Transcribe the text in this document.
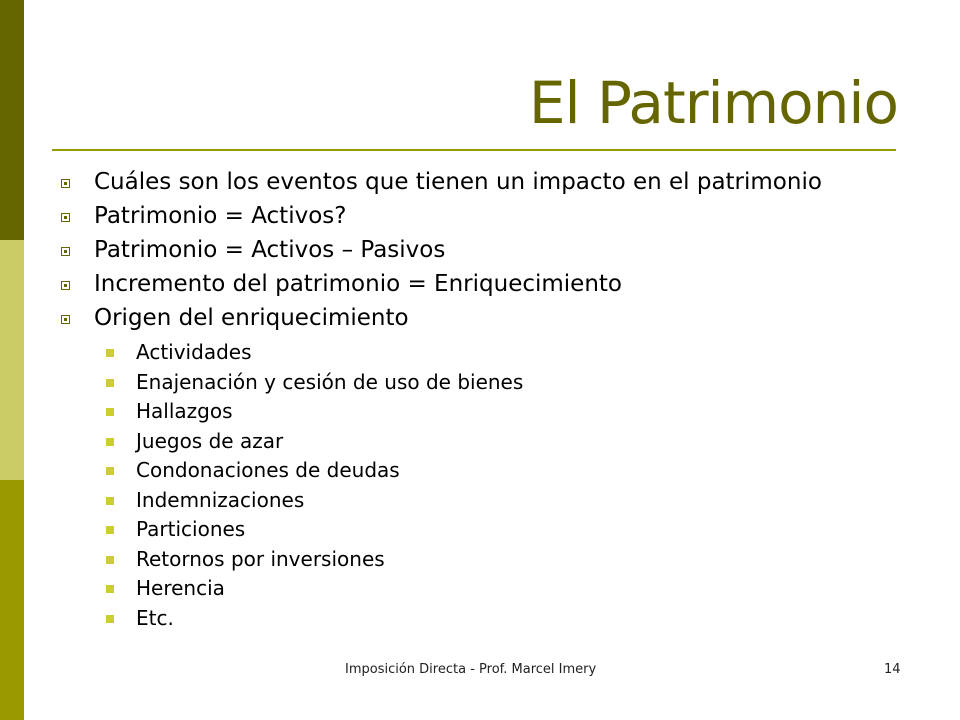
El Patrimonio
Cuáles son los eventos que tienen un impacto en el patrimonio
Patrimonio = Activos?
Patrimonio = Activos – Pasivos
Incremento del patrimonio = Enriquecimiento
Origen del enriquecimiento
Actividades
Enajenación y cesión de uso de bienes
Hallazgos
Juegos de azar
Condonaciones de deudas
Indemnizaciones
Particiones
Retornos por inversiones
Herencia
Etc.
Imposición Directa - Prof. Marcel Imery	14
